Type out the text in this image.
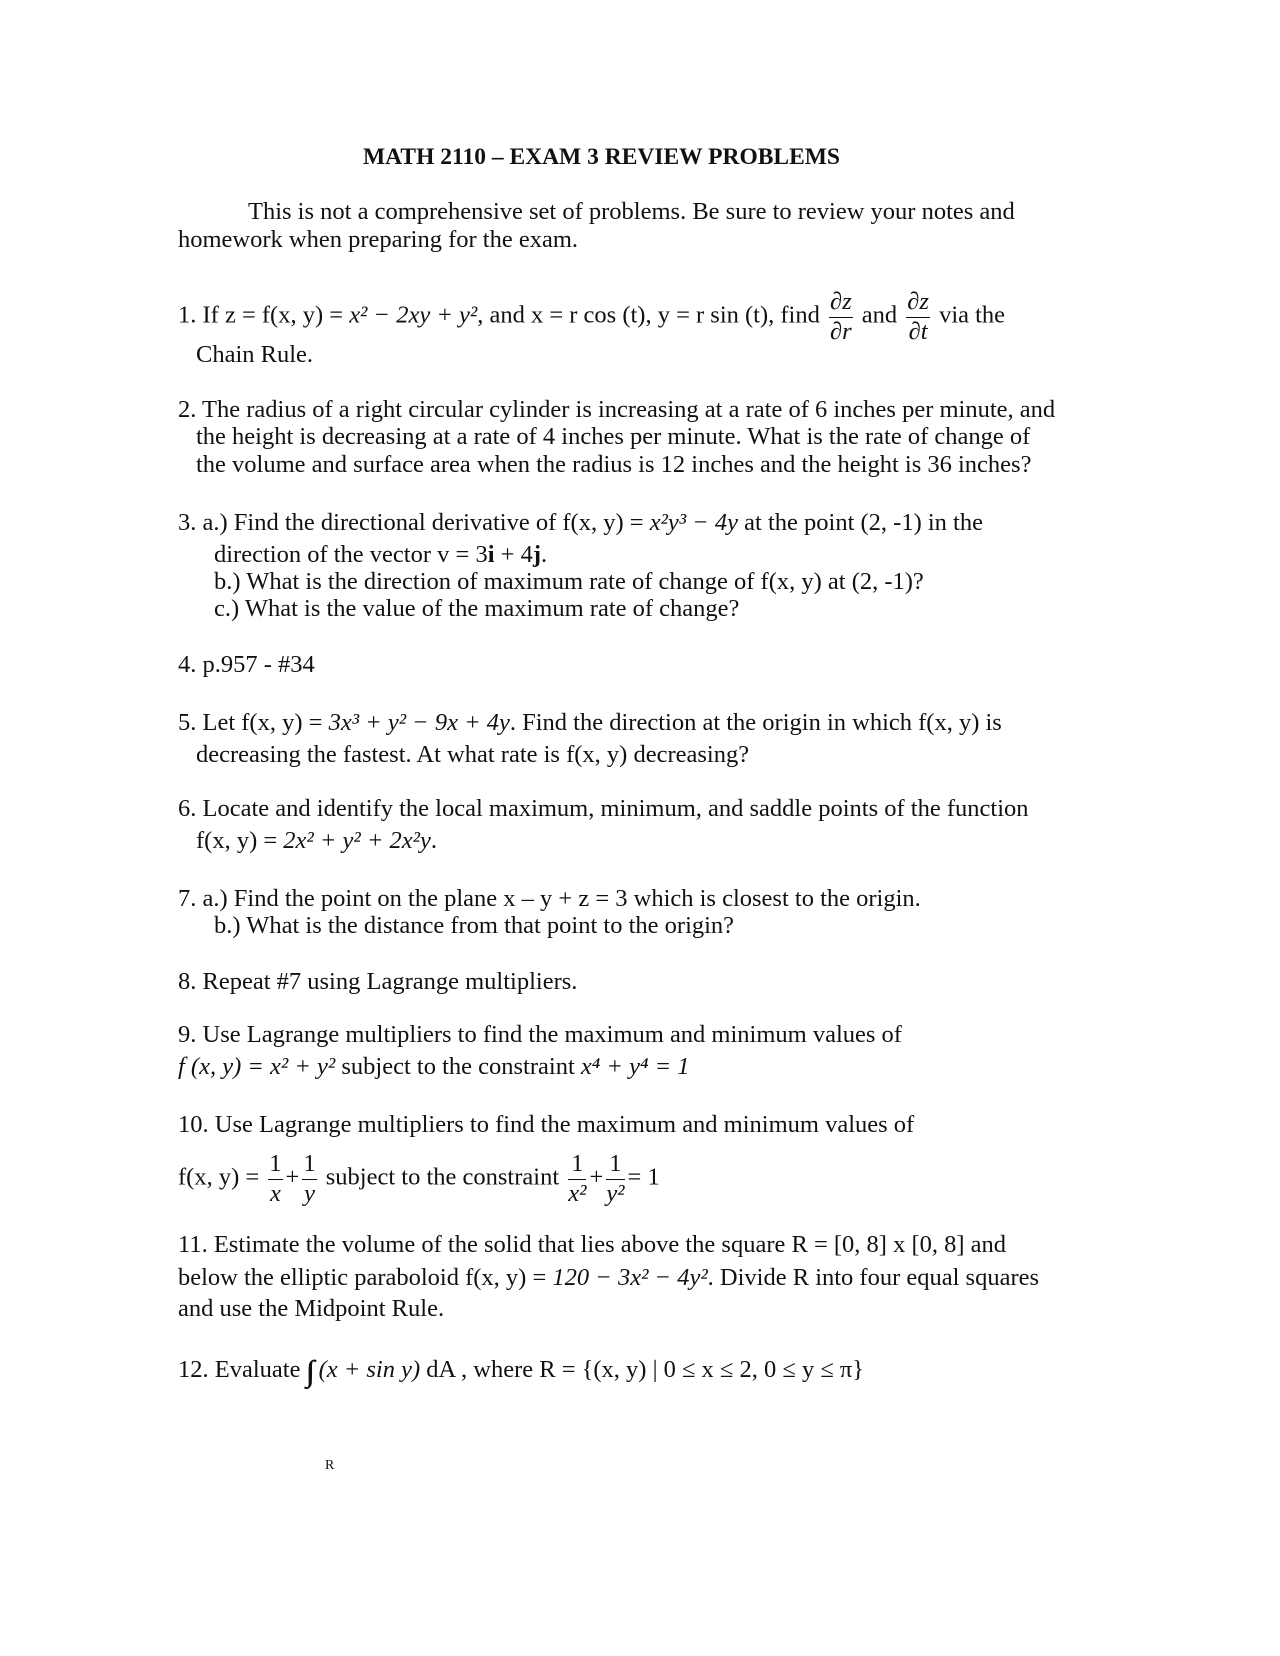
MATH 2110 – EXAM 3 REVIEW PROBLEMS
This is not a comprehensive set of problems. Be sure to review your notes and
homework when preparing for the exam.
1. If z = f(x, y) = x² − 2xy + y², and x = r cos (t), y = r sin (t), find $\frac{\partial z}{\partial r}$ and $\frac{\partial z}{\partial t}$ via the
Chain Rule.
2. The radius of a right circular cylinder is increasing at a rate of 6 inches per minute, and
the height is decreasing at a rate of 4 inches per minute. What is the rate of change of
the volume and surface area when the radius is 12 inches and the height is 36 inches?
3. a.) Find the directional derivative of f(x, y) = x²y³ − 4y at the point (2, -1) in the
direction of the vector v = 3i + 4j.
b.) What is the direction of maximum rate of change of f(x, y) at (2, -1)?
c.) What is the value of the maximum rate of change?
4. p.957 - #34
5. Let f(x, y) = 3x³ + y² − 9x + 4y. Find the direction at the origin in which f(x, y) is
decreasing the fastest. At what rate is f(x, y) decreasing?
6. Locate and identify the local maximum, minimum, and saddle points of the function
f(x, y) = 2x² + y² + 2x²y.
7. a.) Find the point on the plane x – y + z = 3 which is closest to the origin.
b.) What is the distance from that point to the origin?
8. Repeat #7 using Lagrange multipliers.
9. Use Lagrange multipliers to find the maximum and minimum values of
f (x, y) = x² + y² subject to the constraint x⁴ + y⁴ = 1
10. Use Lagrange multipliers to find the maximum and minimum values of
f(x, $y) = \frac{1}{x} + \frac{1}{y}$ subject to the constraint $\frac{1}{\text{x²}} + \frac{1}{\text{y²}} = 1$
11. Estimate the volume of the solid that lies above the square R = [0, 8] x [0, 8] and
below the elliptic paraboloid f(x, y) = 120 − 3x² − 4y². Divide R into four equal squares
and use the Midpoint Rule.
12. Evaluate (x + sin y) dA , where R = {(x, y) | 0 ≤ x ≤ 2, 0 ≤ y ≤ π}
R
